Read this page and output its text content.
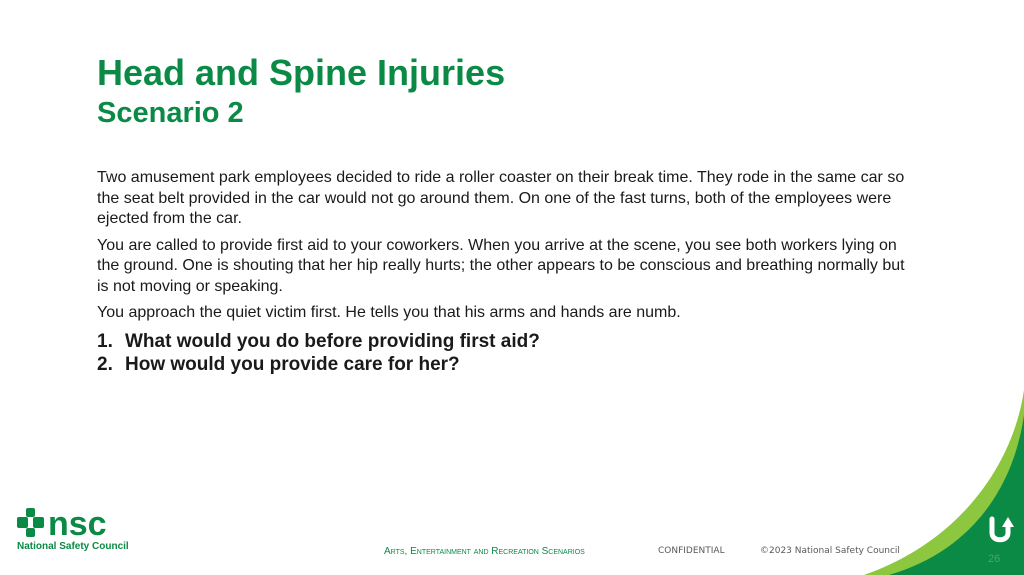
Head and Spine Injuries
Scenario 2

Two amusement park employees decided to ride a roller coaster on their break time. They rode in the same car so the seat belt provided in the car would not go around them. On one of the fast turns, both of the employees were ejected from the car.

You are called to provide first aid to your coworkers. When you arrive at the scene, you see both workers lying on the ground. One is shouting that her hip really hurts; the other appears to be conscious and breathing normally but is not moving or speaking.

You approach the quiet victim first. He tells you that his arms and hands are numb.

1. What would you do before providing first aid?
2. How would you provide care for her?
nsc
National Safety Council	Arts, Entertainment and Recreation Scenarios	CONFIDENTIAL	©2023 National Safety Council
26
